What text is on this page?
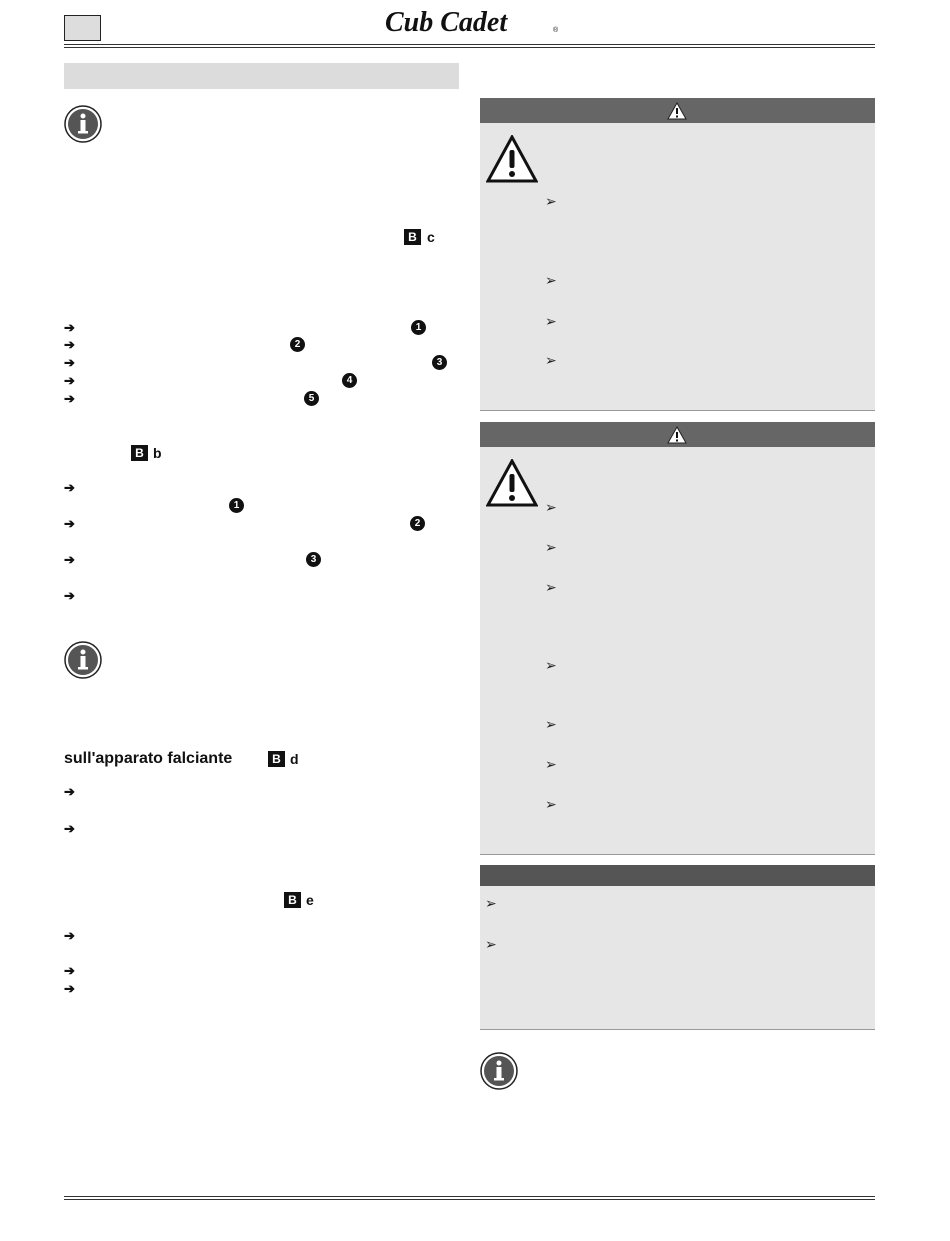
Cub Cadet	®
B c
➔	1
➔	2
➔	3
➔	4
➔	5
B b
➔
1
➔	2
➔	3
➔
sull'apparato falciante	B d
➔
➔
B e
➔
➔
➔
➢
➢
➢
➢
➢
➢
➢
➢
➢
➢
➢
➢
➢
